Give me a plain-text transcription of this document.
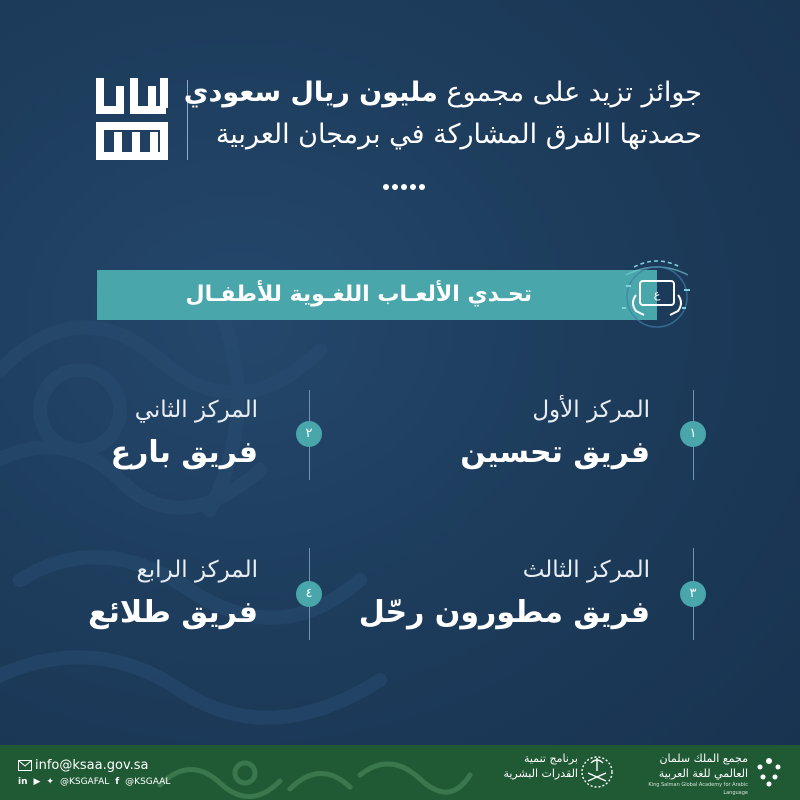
جوائز تزيد على مجموع مليون ريال سعودي
حصدتها الفرق المشاركة في برمجان العربية
تحـدي الألعـاب اللغـوية للأطفـال	ع
١
المركز الأول
فريق تحسين
٢
المركز الثاني
فريق بارع
٣
المركز الثالث
فريق مطورون رحّل
٤
المركز الرابع
فريق طلائع
info@ksaa.gov.sa
in ▶ ✦ @KSGAFAL f @KSGAAL
برنامج تنمية
القدرات البشرية
مجمع الملك سلمان
العالمي للغة العربية
King Salman Global Academy for Arabic Language
